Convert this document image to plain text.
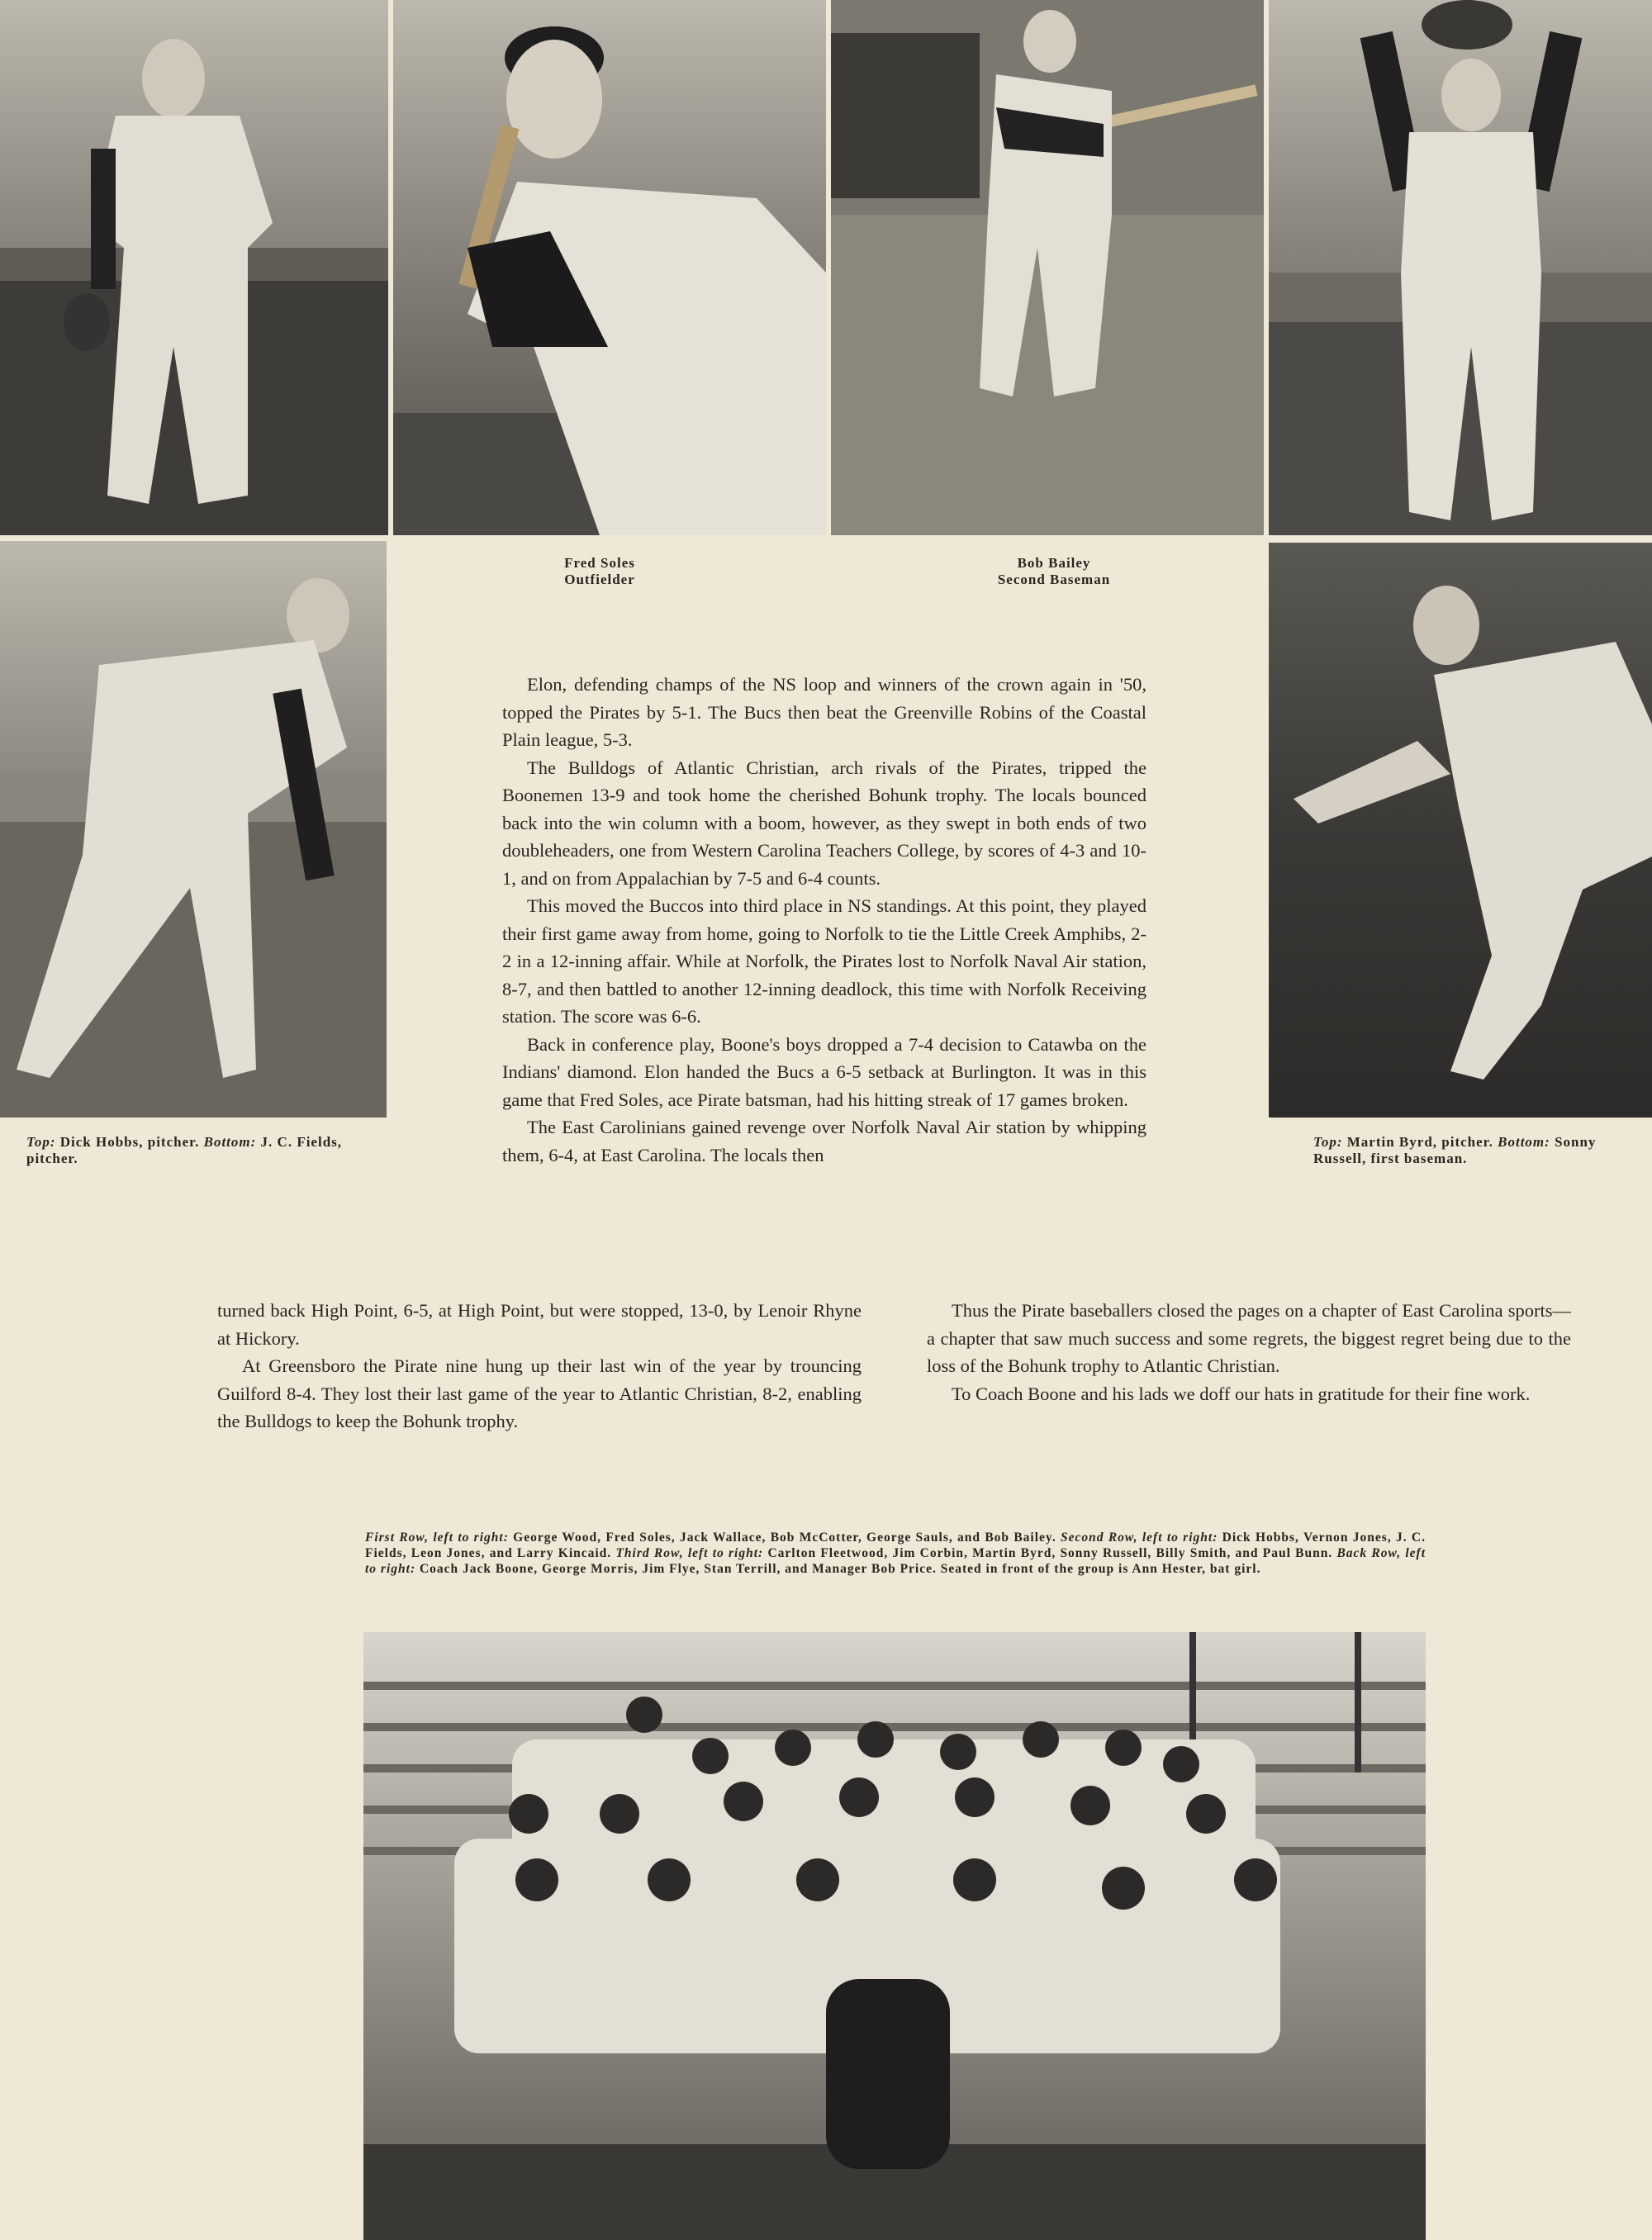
Fred Soles
Outfielder
Bob Bailey
Second Baseman
Top: Dick Hobbs, pitcher. Bottom: J. C. Fields, pitcher.
Top: Martin Byrd, pitcher. Bottom: Sonny Russell, first baseman.

Elon, defending champs of the NS loop and winners of the crown again in '50, topped the Pirates by 5-1. The Bucs then beat the Greenville Robins of the Coastal Plain league, 5-3.

The Bulldogs of Atlantic Christian, arch rivals of the Pirates, tripped the Boonemen 13-9 and took home the cherished Bohunk trophy. The locals bounced back into the win column with a boom, however, as they swept in both ends of two doubleheaders, one from Western Carolina Teachers College, by scores of 4-3 and 10-1, and on from Appalachian by 7-5 and 6-4 counts.

This moved the Buccos into third place in NS standings. At this point, they played their first game away from home, going to Norfolk to tie the Little Creek Amphibs, 2-2 in a 12-inning affair. While at Norfolk, the Pirates lost to Norfolk Naval Air station, 8-7, and then battled to another 12-inning deadlock, this time with Norfolk Receiving station. The score was 6-6.

Back in conference play, Boone's boys dropped a 7-4 decision to Catawba on the Indians' diamond. Elon handed the Bucs a 6-5 setback at Burlington. It was in this game that Fred Soles, ace Pirate batsman, had his hitting streak of 17 games broken.

The East Carolinians gained revenge over Norfolk Naval Air station by whipping them, 6-4, at East Carolina. The locals then

turned back High Point, 6-5, at High Point, but were stopped, 13-0, by Lenoir Rhyne at Hickory.

At Greensboro the Pirate nine hung up their last win of the year by trouncing Guilford 8-4. They lost their last game of the year to Atlantic Christian, 8-2, enabling the Bulldogs to keep the Bohunk trophy.

Thus the Pirate baseballers closed the pages on a chapter of East Carolina sports—a chapter that saw much success and some regrets, the biggest regret being due to the loss of the Bohunk trophy to Atlantic Christian.

To Coach Boone and his lads we doff our hats in gratitude for their fine work.

First Row, left to right: George Wood, Fred Soles, Jack Wallace, Bob McCotter, George Sauls, and Bob Bailey. Second Row, left to right: Dick Hobbs, Vernon Jones, J. C. Fields, Leon Jones, and Larry Kincaid. Third Row, left to right: Carlton Fleetwood, Jim Corbin, Martin Byrd, Sonny Russell, Billy Smith, and Paul Bunn. Back Row, left to right: Coach Jack Boone, George Morris, Jim Flye, Stan Terrill, and Manager Bob Price. Seated in front of the group is Ann Hester, bat girl.
